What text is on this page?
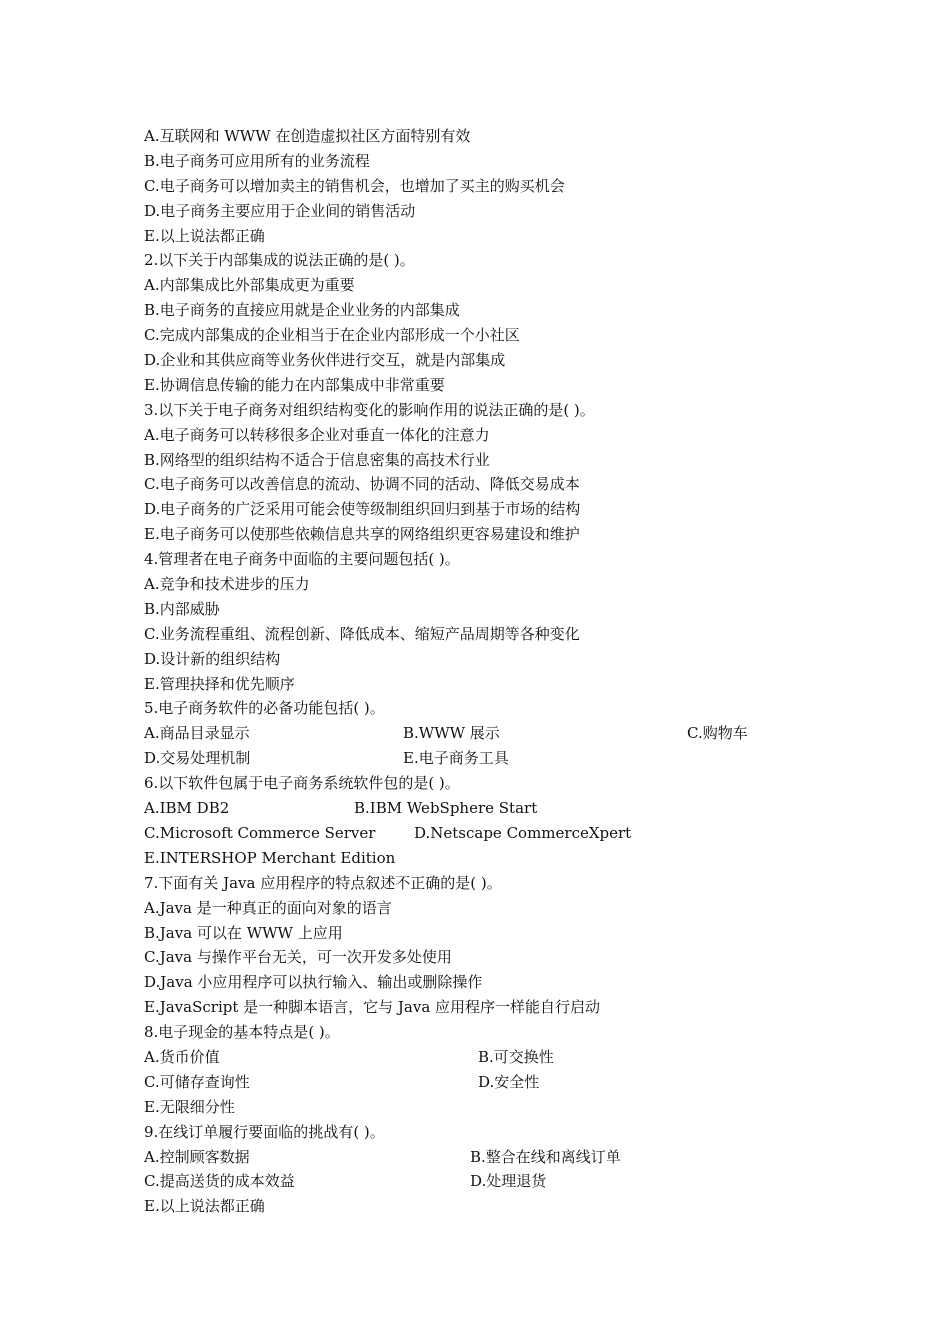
A.互联网和 WWW 在创造虚拟社区方面特别有效
B.电子商务可应用所有的业务流程
C.电子商务可以增加卖主的销售机会，也增加了买主的购买机会
D.电子商务主要应用于企业间的销售活动
E.以上说法都正确
2.以下关于内部集成的说法正确的是( )。
A.内部集成比外部集成更为重要
B.电子商务的直接应用就是企业业务的内部集成
C.完成内部集成的企业相当于在企业内部形成一个小社区
D.企业和其供应商等业务伙伴进行交互，就是内部集成
E.协调信息传输的能力在内部集成中非常重要
3.以下关于电子商务对组织结构变化的影响作用的说法正确的是( )。
A.电子商务可以转移很多企业对垂直一体化的注意力
B.网络型的组织结构不适合于信息密集的高技术行业
C.电子商务可以改善信息的流动、协调不同的活动、降低交易成本
D.电子商务的广泛采用可能会使等级制组织回归到基于市场的结构
E.电子商务可以使那些依赖信息共享的网络组织更容易建设和维护
4.管理者在电子商务中面临的主要问题包括( )。
A.竞争和技术进步的压力
B.内部威胁
C.业务流程重组、流程创新、降低成本、缩短产品周期等各种变化
D.设计新的组织结构
E.管理抉择和优先顺序
5.电子商务软件的必备功能包括( )。
A.商品目录显示	B.WWW 展示	C.购物车
D.交易处理机制	E.电子商务工具
6.以下软件包属于电子商务系统软件包的是( )。
A.IBM DB2	B.IBM WebSphere Start
C.Microsoft Commerce Server	D.Netscape CommerceXpert
E.INTERSHOP Merchant Edition
7.下面有关 Java 应用程序的特点叙述不正确的是( )。
A.Java 是一种真正的面向对象的语言
B.Java 可以在 WWW 上应用
C.Java 与操作平台无关，可一次开发多处使用
D.Java 小应用程序可以执行输入、输出或删除操作
E.JavaScript 是一种脚本语言，它与 Java 应用程序一样能自行启动
8.电子现金的基本特点是( )。
A.货币价值	B.可交换性
C.可储存查询性	D.安全性
E.无限细分性
9.在线订单履行要面临的挑战有( )。
A.控制顾客数据	B.整合在线和离线订单
C.提高送货的成本效益	D.处理退货
E.以上说法都正确
